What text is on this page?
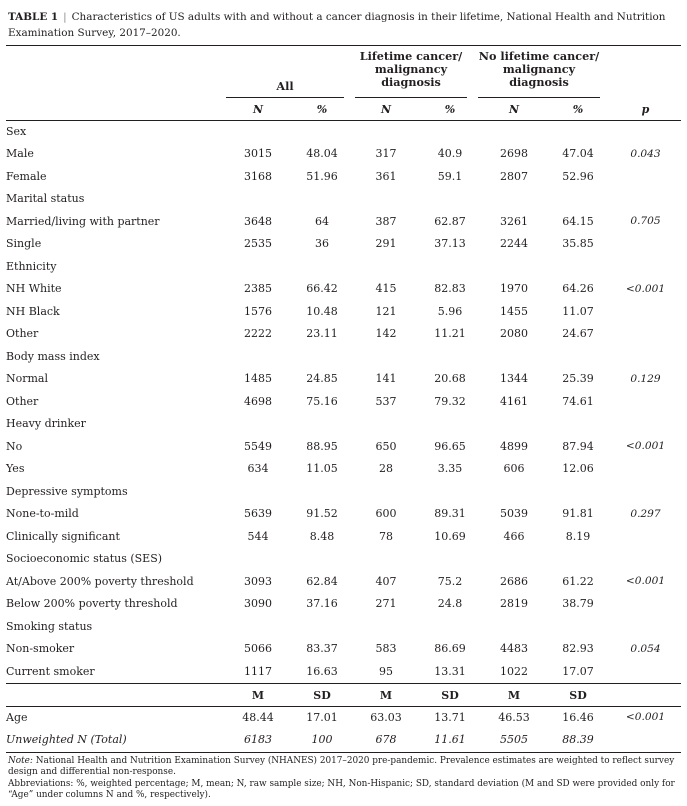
TABLE 1 | Characteristics of US adults with and without a cancer diagnosis in their lifetime, National Health and Nutrition Examination Survey, 2017–2020.
All
Lifetime cancer/ malignancy diagnosis
No lifetime cancer/ malignancy diagnosis
	N	%	N	%	N	%	p
Sex							
Male	3015	48.04	317	40.9	2698	47.04	0.043
Female	3168	51.96	361	59.1	2807	52.96	
Marital status							
Married/living with partner	3648	64	387	62.87	3261	64.15	0.705
Single	2535	36	291	37.13	2244	35.85	
Ethnicity							
NH White	2385	66.42	415	82.83	1970	64.26	<0.001
NH Black	1576	10.48	121	5.96	1455	11.07	
Other	2222	23.11	142	11.21	2080	24.67	
Body mass index							
Normal	1485	24.85	141	20.68	1344	25.39	0.129
Other	4698	75.16	537	79.32	4161	74.61	
Heavy drinker							
No	5549	88.95	650	96.65	4899	87.94	<0.001
Yes	634	11.05	28	3.35	606	12.06	
Depressive symptoms							
None-to-mild	5639	91.52	600	89.31	5039	91.81	0.297
Clinically significant	544	8.48	78	10.69	466	8.19	
Socioeconomic status (SES)							
At/Above 200% poverty threshold	3093	62.84	407	75.2	2686	61.22	<0.001
Below 200% poverty threshold	3090	37.16	271	24.8	2819	38.79	
Smoking status							
Non-smoker	5066	83.37	583	86.69	4483	82.93	0.054
Current smoker	1117	16.63	95	13.31	1022	17.07	
	M	SD	M	SD	M	SD	
Age	48.44	17.01	63.03	13.71	46.53	16.46	<0.001
Unweighted N (Total)	6183	100	678	11.61	5505	88.39	
Note: National Health and Nutrition Examination Survey (NHANES) 2017–2020 pre-pandemic. Prevalence estimates are weighted to reflect survey design and differential non-response.
Abbreviations: %, weighted percentage; M, mean; N, raw sample size; NH, Non-Hispanic; SD, standard deviation (M and SD were provided only for “Age” under columns N and %, respectively).
